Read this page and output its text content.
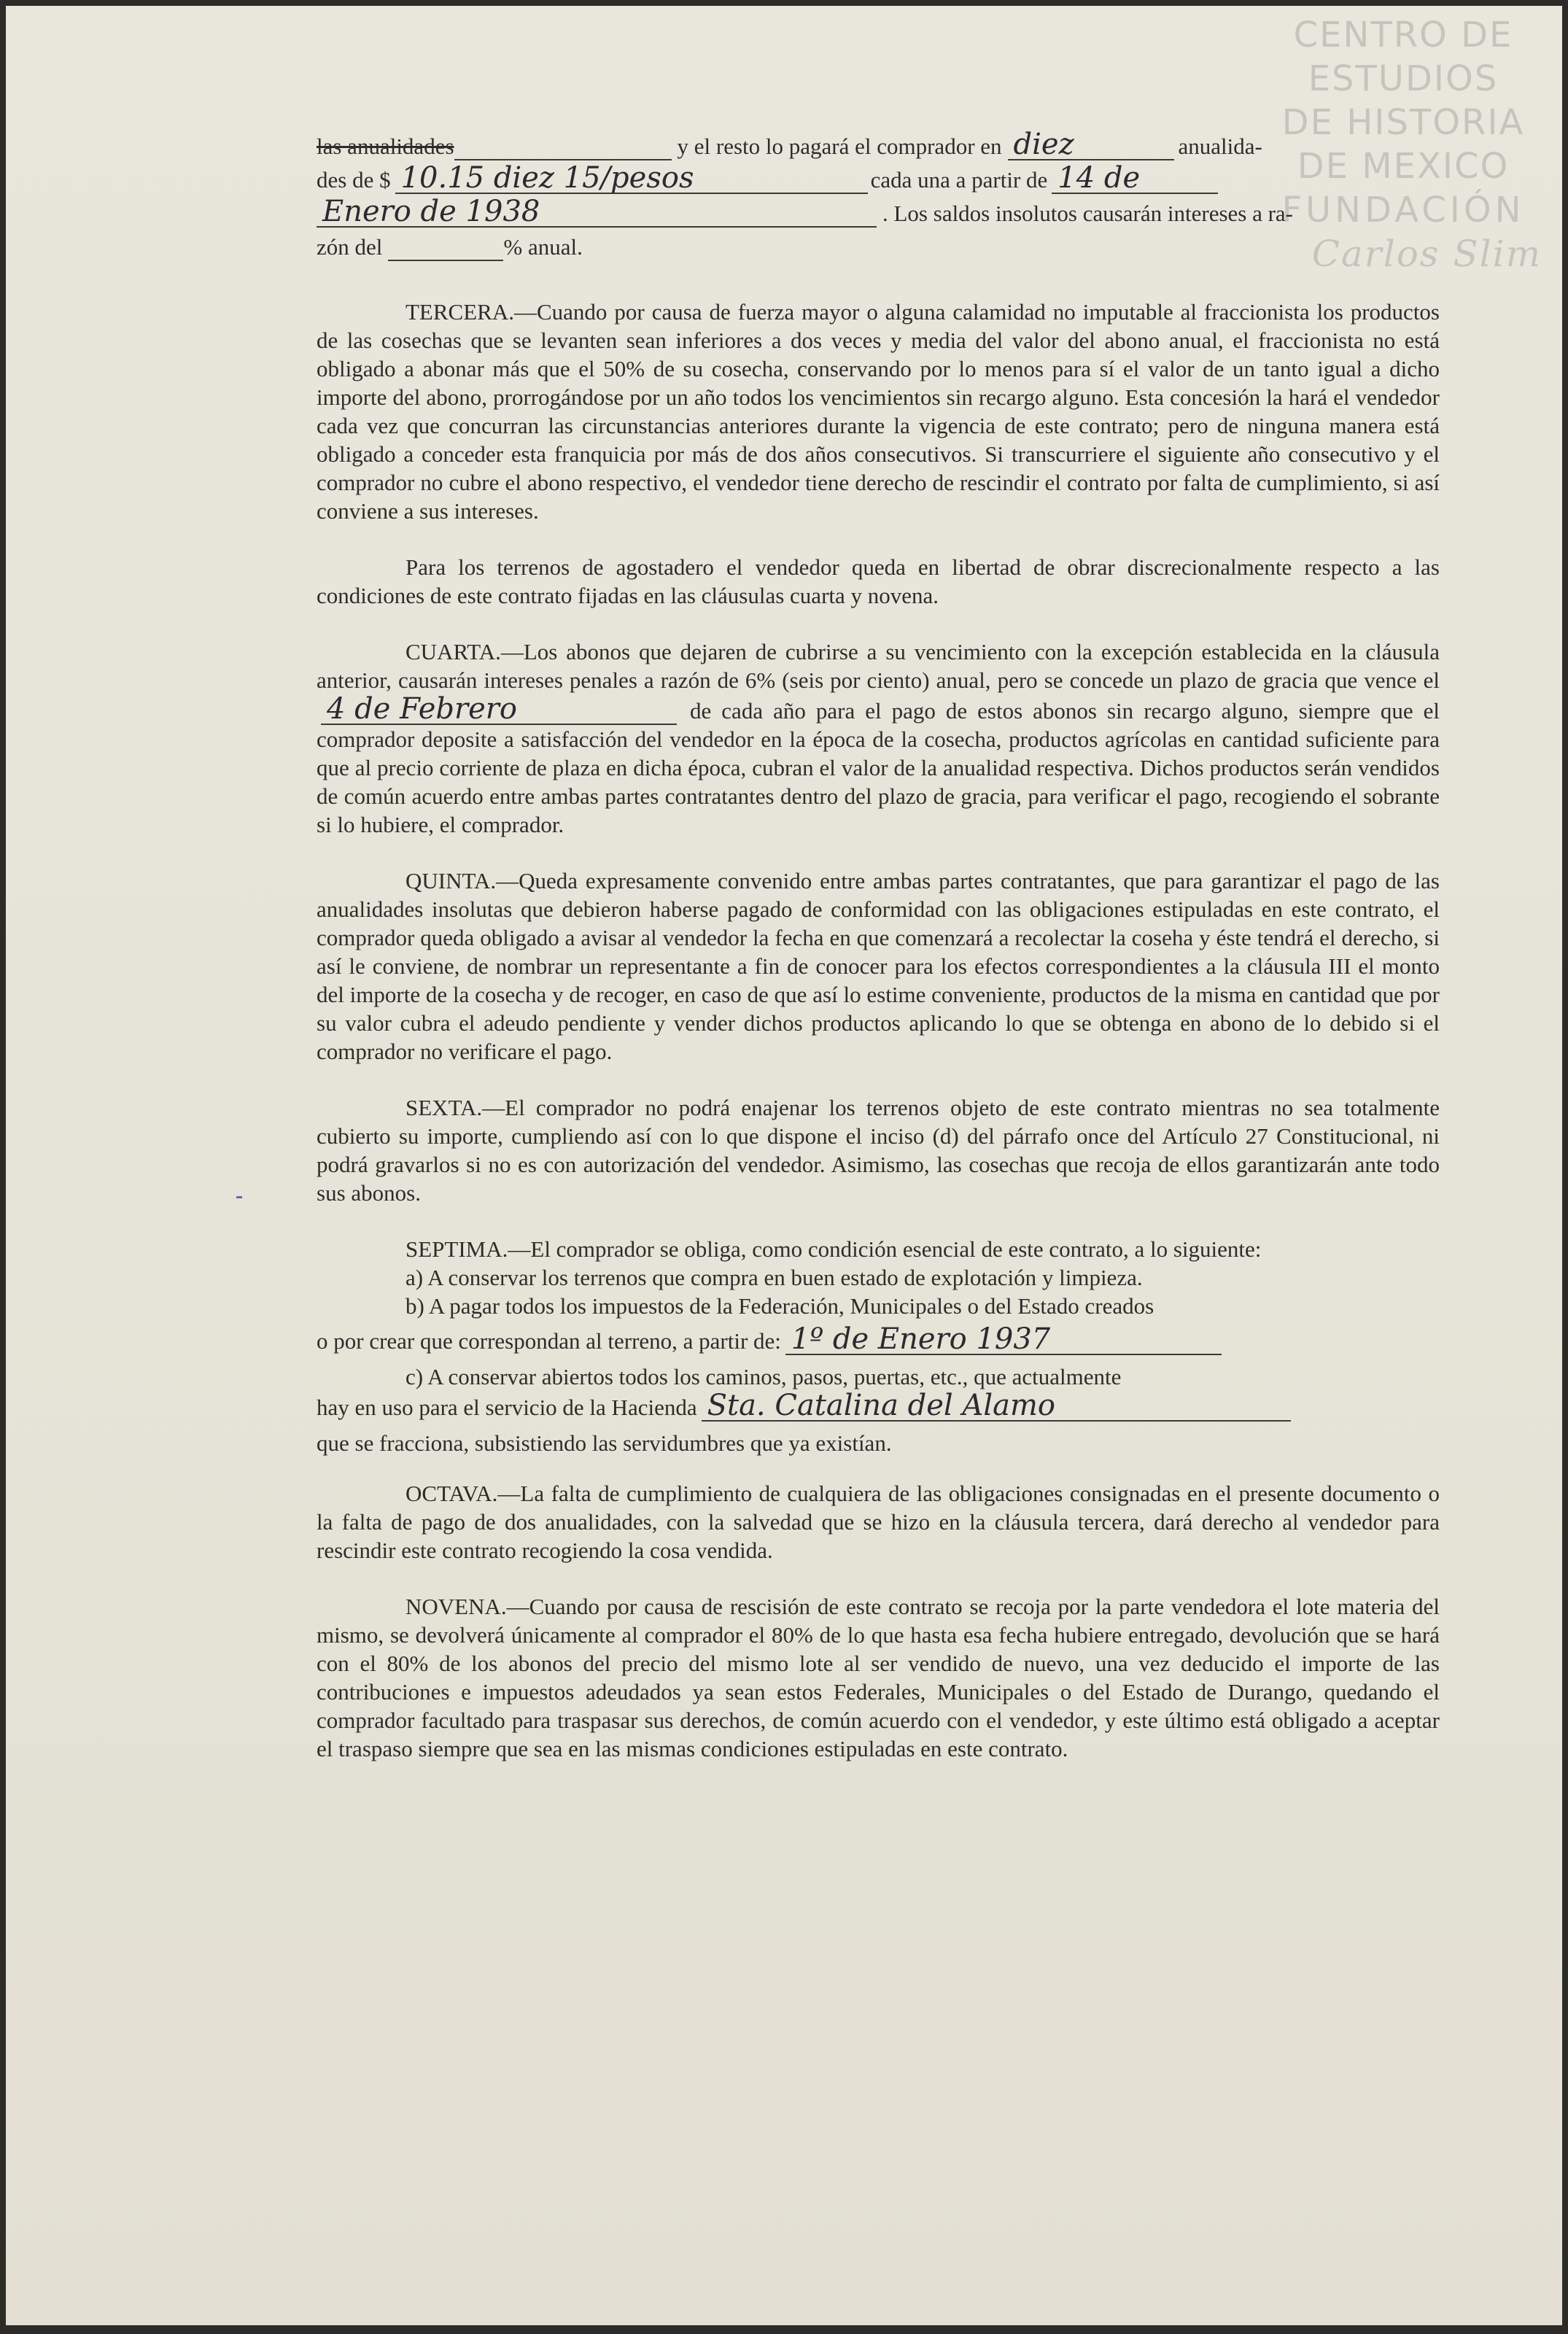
CENTRO DE
ESTUDIOS
DE HISTORIA
DE MEXICO
FUNDACIÓN
Carlos Slim

las anualidades	y el resto lo pagará el comprador en diez	anualida-

des de $ 10.15 diez 15/pesos	cada una a partir de 14 de

Enero de 1938	. Los saldos insolutos causarán intereses a ra-

zón del	% anual.

TERCERA.—Cuando por causa de fuerza mayor o alguna calamidad no imputable al fraccionista los productos de las cosechas que se levanten sean inferiores a dos veces y media del valor del abono anual, el fraccionista no está obligado a abonar más que el 50% de su cosecha, conservando por lo menos para sí el valor de un tanto igual a dicho importe del abono, prorrogándose por un año todos los vencimientos sin recargo alguno. Esta concesión la hará el vendedor cada vez que concurran las circunstancias anteriores durante la vigencia de este contrato; pero de ninguna manera está obligado a conceder esta franquicia por más de dos años consecutivos. Si transcurriere el siguiente año consecutivo y el comprador no cubre el abono respectivo, el vendedor tiene derecho de rescindir el contrato por falta de cumplimiento, si así conviene a sus intereses.

Para los terrenos de agostadero el vendedor queda en libertad de obrar discrecionalmente respecto a las condiciones de este contrato fijadas en las cláusulas cuarta y novena.

CUARTA.—Los abonos que dejaren de cubrirse a su vencimiento con la excepción establecida en la cláusula anterior, causarán intereses penales a razón de 6% (seis por ciento) anual, pero se concede un plazo de gracia que vence el 4 de Febrero	de cada año para el pago de estos abonos sin recargo alguno, siempre que el comprador deposite a satisfacción del vendedor en la época de la cosecha, productos agrícolas en cantidad suficiente para que al precio corriente de plaza en dicha época, cubran el valor de la anualidad respectiva. Dichos productos serán vendidos de común acuerdo entre ambas partes contratantes dentro del plazo de gracia, para verificar el pago, recogiendo el sobrante si lo hubiere, el comprador.

QUINTA.—Queda expresamente convenido entre ambas partes contratantes, que para garantizar el pago de las anualidades insolutas que debieron haberse pagado de conformidad con las obligaciones estipuladas en este contrato, el comprador queda obligado a avisar al vendedor la fecha en que comenzará a recolectar la coseha y éste tendrá el derecho, si así le conviene, de nombrar un representante a fin de conocer para los efectos correspondientes a la cláusula III el monto del importe de la cosecha y de recoger, en caso de que así lo estime conveniente, productos de la misma en cantidad que por su valor cubra el adeudo pendiente y vender dichos productos aplicando lo que se obtenga en abono de lo debido si el comprador no verificare el pago.

SEXTA.—El comprador no podrá enajenar los terrenos objeto de este contrato mientras no sea totalmente cubierto su importe, cumpliendo así con lo que dispone el inciso (d) del párrafo once del Artículo 27 Constitucional, ni podrá gravarlos si no es con autorización del vendedor. Asimismo, las cosechas que recoja de ellos garantizarán ante todo sus abonos.

SEPTIMA.—El comprador se obliga, como condición esencial de este contrato, a lo siguiente:

a) A conservar los terrenos que compra en buen estado de explotación y limpieza.

b) A pagar todos los impuestos de la Federación, Municipales o del Estado creados

o por crear que correspondan al terreno, a partir de: 1º de Enero 1937

c) A conservar abiertos todos los caminos, pasos, puertas, etc., que actualmente

hay en uso para el servicio de la Hacienda Sta. Catalina del Alamo

que se fracciona, subsistiendo las servidumbres que ya existían.

OCTAVA.—La falta de cumplimiento de cualquiera de las obligaciones consignadas en el presente documento o la falta de pago de dos anualidades, con la salvedad que se hizo en la cláusula tercera, dará derecho al vendedor para rescindir este contrato recogiendo la cosa vendida.

NOVENA.—Cuando por causa de rescisión de este contrato se recoja por la parte vendedora el lote materia del mismo, se devolverá únicamente al comprador el 80% de lo que hasta esa fecha hubiere entregado, devolución que se hará con el 80% de los abonos del precio del mismo lote al ser vendido de nuevo, una vez deducido el importe de las contribuciones e impuestos adeudados ya sean estos Federales, Municipales o del Estado de Durango, quedando el comprador facultado para traspasar sus derechos, de común acuerdo con el vendedor, y este último está obligado a aceptar el traspaso siempre que sea en las mismas condiciones estipuladas en este contrato.
